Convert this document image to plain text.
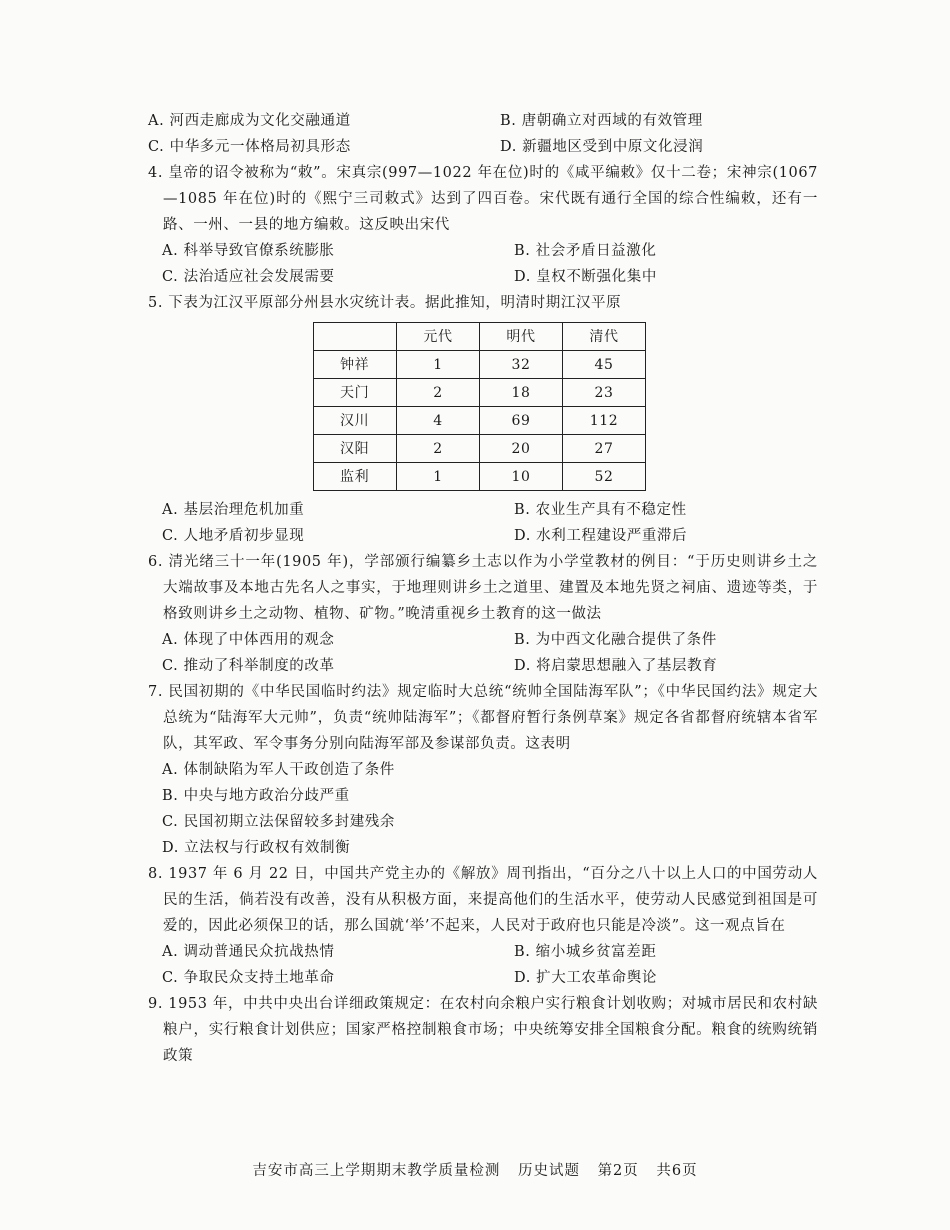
A. 河西走廊成为文化交融通道	B. 唐朝确立对西域的有效管理
C. 中华多元一体格局初具形态	D. 新疆地区受到中原文化浸润
4. 皇帝的诏令被称为“敕”。宋真宗(997—1022 年在位)时的《咸平编敕》仅十二卷；宋神宗(1067—1085 年在位)时的《熙宁三司敕式》达到了四百卷。宋代既有通行全国的综合性编敕，还有一路、一州、一县的地方编敕。这反映出宋代
A. 科举导致官僚系统膨胀	B. 社会矛盾日益激化
C. 法治适应社会发展需要	D. 皇权不断强化集中
5. 下表为江汉平原部分州县水灾统计表。据此推知，明清时期江汉平原
	元代	明代	清代
钟祥	1	32	45
天门	2	18	23
汉川	4	69	112
汉阳	2	20	27
监利	1	10	52
A. 基层治理危机加重	B. 农业生产具有不稳定性
C. 人地矛盾初步显现	D. 水利工程建设严重滞后
6. 清光绪三十一年(1905 年)，学部颁行编纂乡土志以作为小学堂教材的例目：“于历史则讲乡土之大端故事及本地古先名人之事实，于地理则讲乡土之道里、建置及本地先贤之祠庙、遗迹等类，于格致则讲乡土之动物、植物、矿物。”晚清重视乡土教育的这一做法
A. 体现了中体西用的观念	B. 为中西文化融合提供了条件
C. 推动了科举制度的改革	D. 将启蒙思想融入了基层教育
7. 民国初期的《中华民国临时约法》规定临时大总统“统帅全国陆海军队”；《中华民国约法》规定大总统为“陆海军大元帅”，负责“统帅陆海军”；《都督府暂行条例草案》规定各省都督府统辖本省军队，其军政、军令事务分别向陆海军部及参谋部负责。这表明
A. 体制缺陷为军人干政创造了条件
B. 中央与地方政治分歧严重
C. 民国初期立法保留较多封建残余
D. 立法权与行政权有效制衡
8. 1937 年 6 月 22 日，中国共产党主办的《解放》周刊指出，“百分之八十以上人口的中国劳动人民的生活，倘若没有改善，没有从积极方面，来提高他们的生活水平，使劳动人民感觉到祖国是可爱的，因此必须保卫的话，那么国就‘举’不起来，人民对于政府也只能是冷淡”。这一观点旨在
A. 调动普通民众抗战热情	B. 缩小城乡贫富差距
C. 争取民众支持土地革命	D. 扩大工农革命舆论
9. 1953 年，中共中央出台详细政策规定：在农村向余粮户实行粮食计划收购；对城市居民和农村缺粮户，实行粮食计划供应；国家严格控制粮食市场；中央统筹安排全国粮食分配。粮食的统购统销政策
吉安市高三上学期期末教学质量检测 历史试题 第2页 共6页
